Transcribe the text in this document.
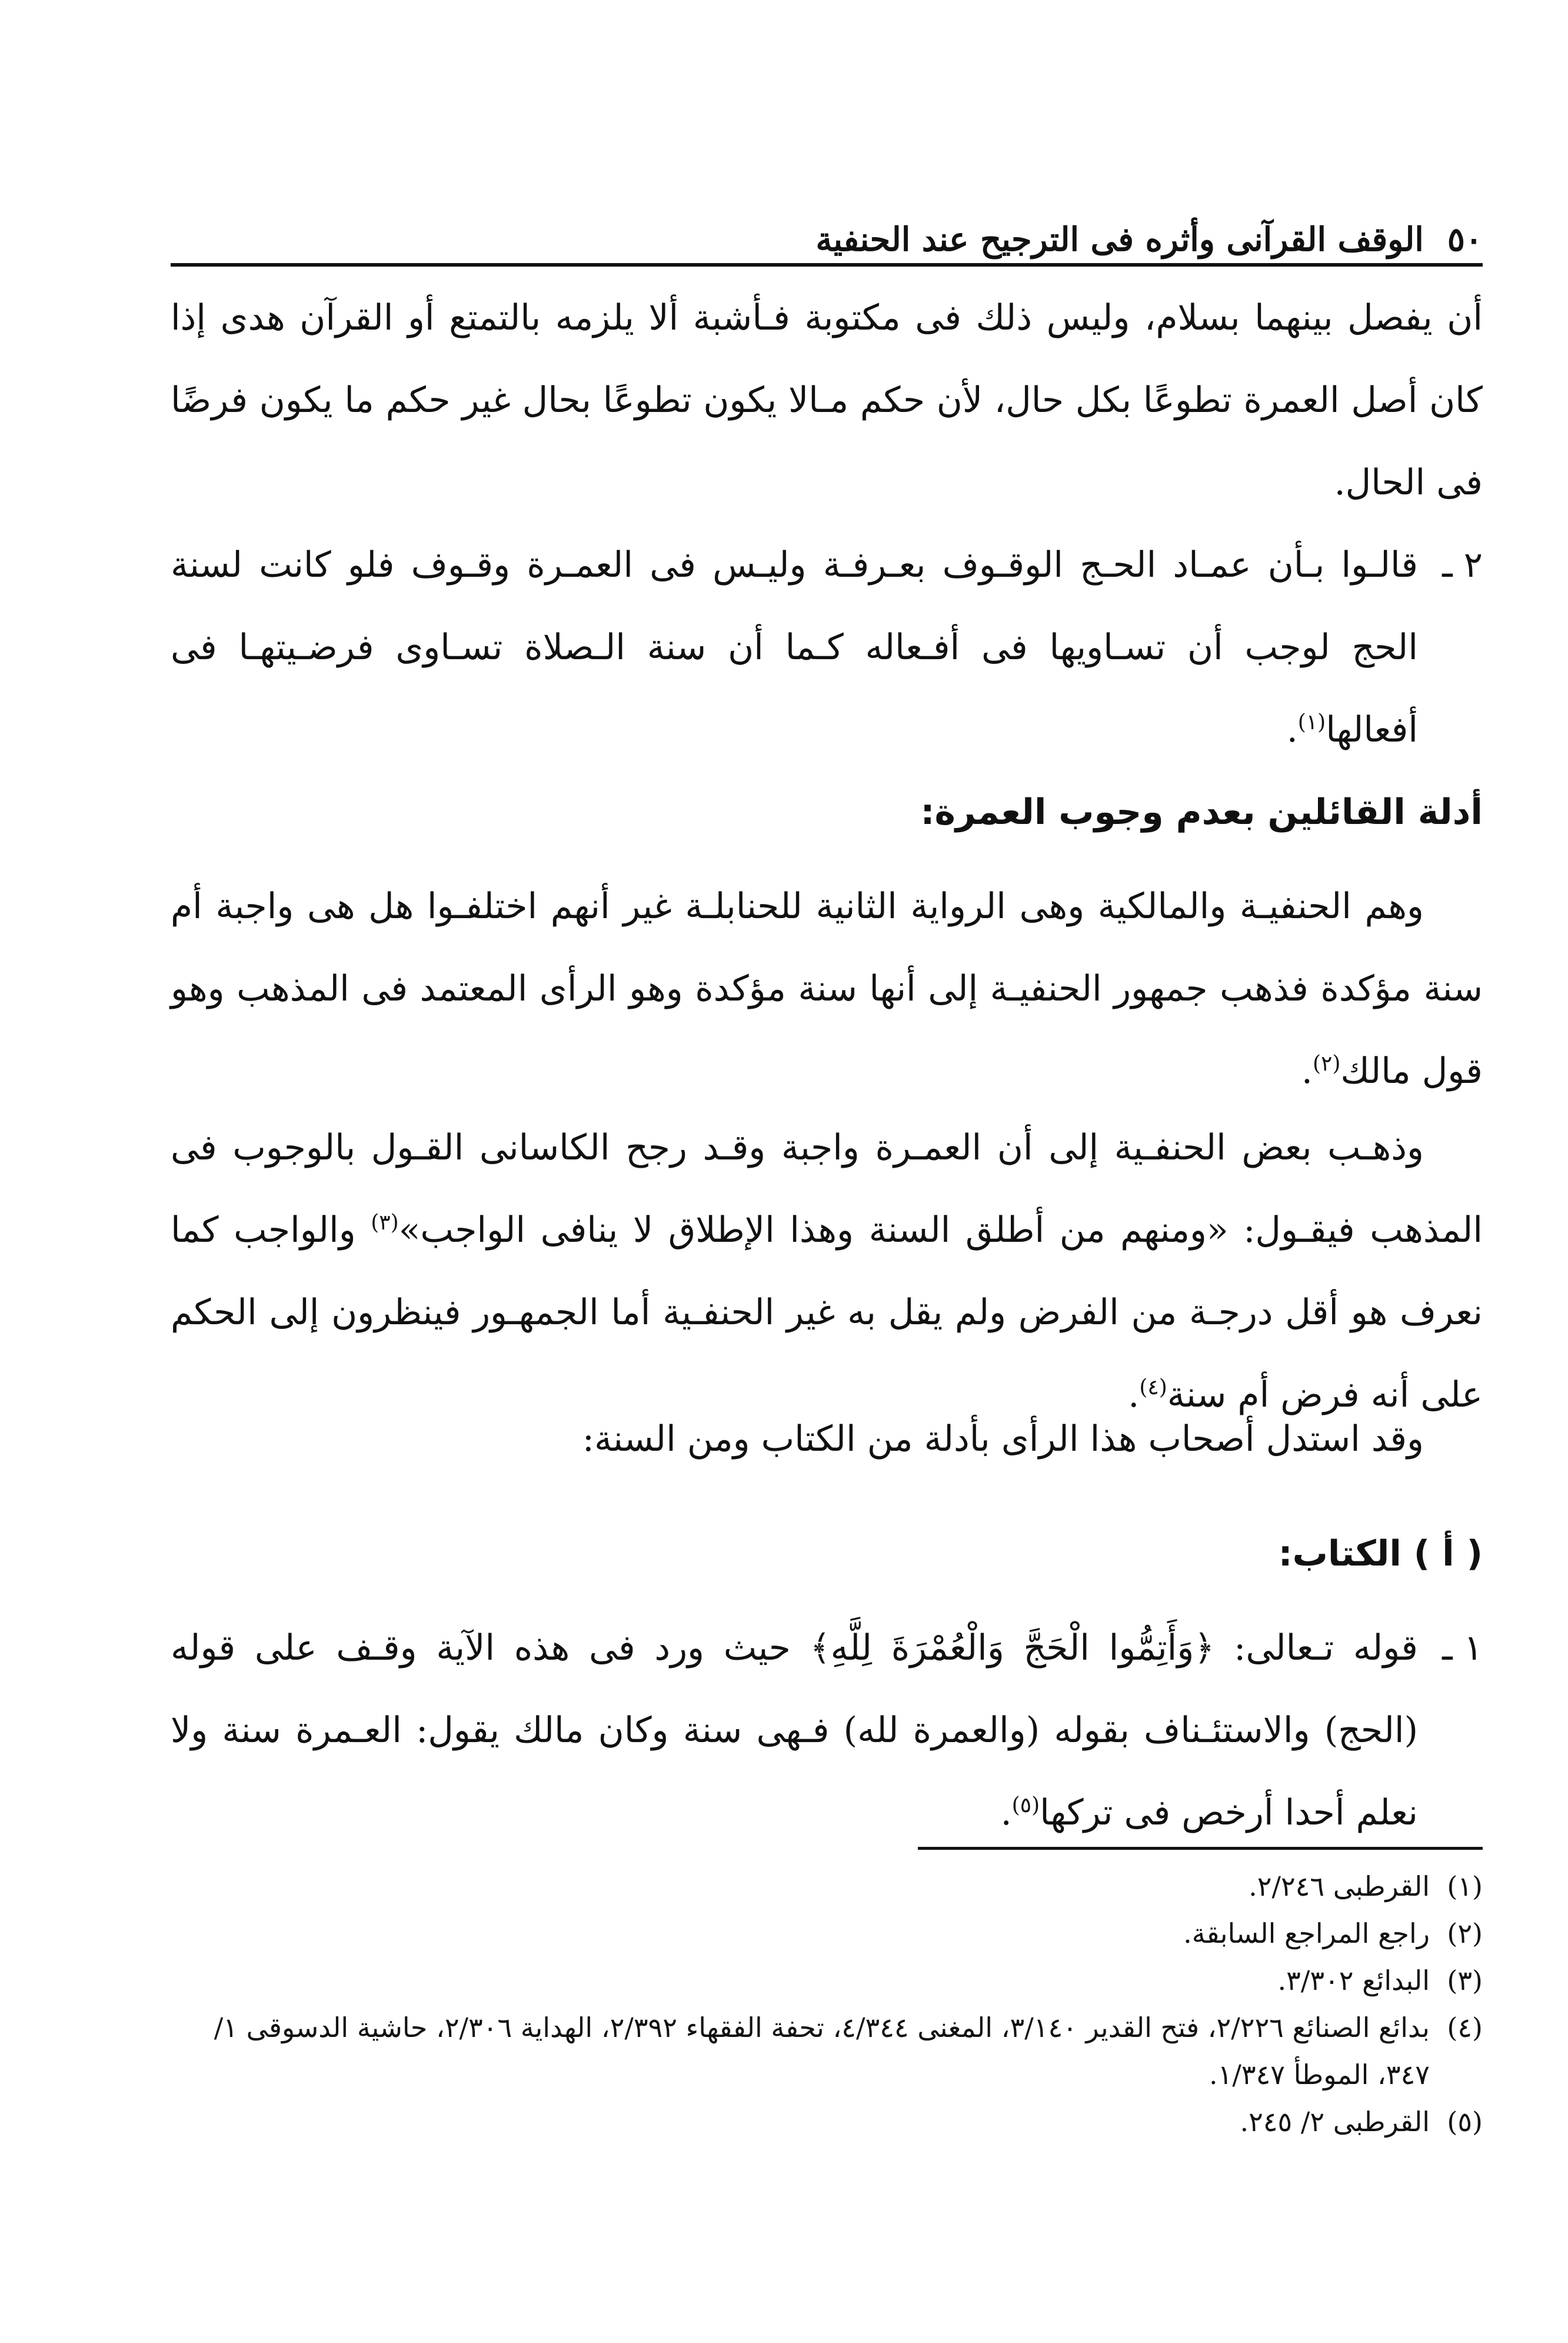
٥٠
الوقف القرآنى وأثره فى الترجيح عند الحنفية
أن يفصل بينهما بسلام، وليس ذلك فى مكتوبة فـأشبة ألا يلزمه بالتمتع أو القرآن هدى إذا كان أصل العمرة تطوعًا بكل حال، لأن حكم مـالا يكون تطوعًا بحال غير حكم ما يكون فرضًا فى الحال.
٢ ـ
قالـوا بـأن عمـاد الحـج الوقـوف بعـرفـة وليـس فى العمـرة وقـوف فلو كانت لسنة الحج لوجب أن تسـاويها فى أفـعاله كـما أن سنة الـصلاة تسـاوى فرضـيتهـا فى أفعالها$^{(١)}$.
أدلة القائلين بعدم وجوب العمرة:
وهم الحنفيـة والمالكية وهى الرواية الثانية للحنابلـة غير أنهم اختلفـوا هل هى واجبة أم سنة مؤكدة فذهب جمهور الحنفيـة إلى أنها سنة مؤكدة وهو الرأى المعتمد فى المذهب وهو قول مالك$^{(٢)}$.
وذهـب بعض الحنفـية إلى أن العمـرة واجبة وقـد رجح الكاسانى القـول بالوجوب فى المذهب فيقـول: «ومنهم من أطلق السنة وهذا الإطلاق لا ينافى الواجب»$^{(٣)}$ والواجب كما نعرف هو أقل درجـة من الفرض ولم يقل به غير الحنفـية أما الجمهـور فينظرون إلى الحكم على أنه فرض أم سنة$^{(٤)}$.
وقد استدل أصحاب هذا الرأى بأدلة من الكتاب ومن السنة:
( أ ) الكتاب:
١ ـ
قوله تـعالى: ﴿وَأَتِمُّوا الْحَجَّ وَالْعُمْرَةَ لِلَّهِ﴾ حيث ورد فى هذه الآية وقـف على قوله (الحج) والاستئـناف بقوله (والعمرة لله) فـهى سنة وكان مالك يقول: العـمرة سنة ولا نعلم أحدا أرخص فى تركها$^{(٥)}$.
(١)
القرطبى ٢/٢٤٦.
(٢)
راجع المراجع السابقة.
(٣)
البدائع ٣/٣٠٢.
(٤)
بدائع الصنائع ٢/٢٢٦، فتح القدير ٣/١٤٠، المغنى ٤/٣٤٤، تحفة الفقهاء ٢/٣٩٢، الهداية ٢/٣٠٦، حاشية الدسوقى ١/ ٣٤٧، الموطأ ١/٣٤٧.
(٥)
القرطبى ٢/ ٢٤٥.
